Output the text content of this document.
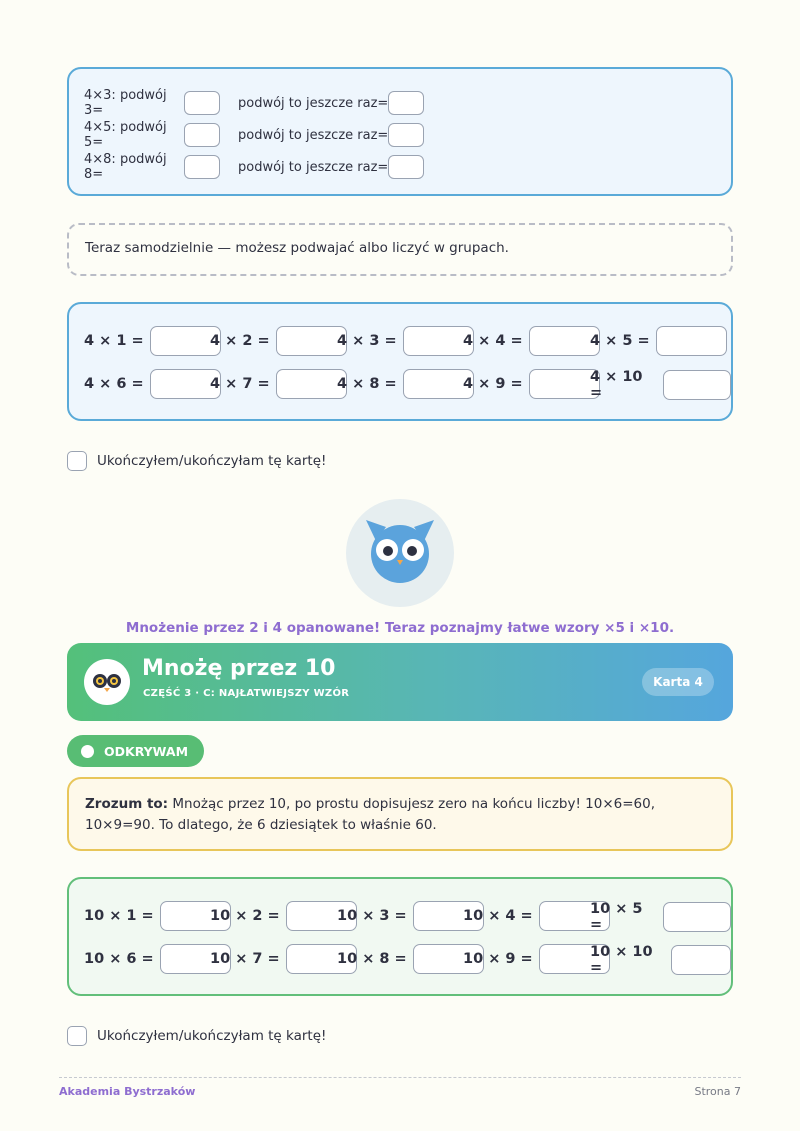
4×3: podwój 3=	podwój to jeszcze raz=
4×5: podwój 5=	podwój to jeszcze raz=
4×8: podwój 8=	podwój to jeszcze raz=
Teraz samodzielnie — możesz podwajać albo liczyć w grupach.
4 × 1 =	4 × 2 =	4 × 3 =	4 × 4 =	4 × 5 =
4 × 6 =	4 × 7 =	4 × 8 =	4 × 9 =	4 × 10 =
Ukończyłem/ukończyłam tę kartę!
Mnożenie przez 2 i 4 opanowane! Teraz poznajmy łatwe wzory ×5 i ×10.
Mnożę przez 10
CZĘŚĆ 3 · C: NAJŁATWIEJSZY WZÓR
Karta 4
ODKRYWAM
Zrozum to: Mnożąc przez 10, po prostu dopisujesz zero na końcu liczby! 10×6=60, 10×9=90. To dlatego, że 6 dziesiątek to właśnie 60.
10 × 1 =	10 × 2 =	10 × 3 =	10 × 4 =	10 × 5 =
10 × 6 =	10 × 7 =	10 × 8 =	10 × 9 =	10 × 10 =
Ukończyłem/ukończyłam tę kartę!
Akademia Bystrzaków	Strona 7
